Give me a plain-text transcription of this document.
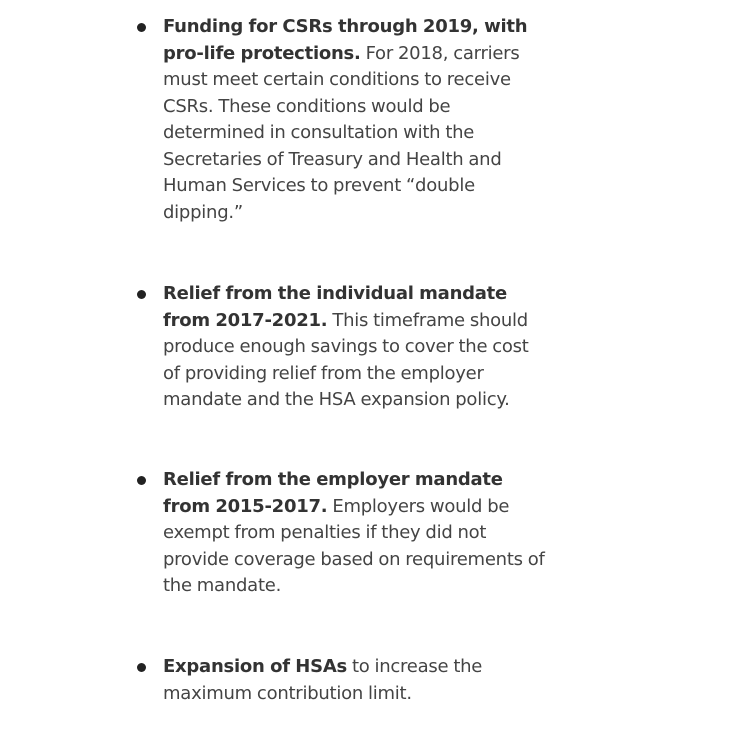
Funding for CSRs through 2019, with pro-life protections. For 2018, carriers must meet certain conditions to receive CSRs. These conditions would be determined in consultation with the Secretaries of Treasury and Health and Human Services to prevent “double dipping.”
Relief from the individual mandate from 2017-2021. This timeframe should produce enough savings to cover the cost of providing relief from the employer mandate and the HSA expansion policy.
Relief from the employer mandate from 2015-2017. Employers would be exempt from penalties if they did not provide coverage based on requirements of the mandate.
Expansion of HSAs to increase the maximum contribution limit.
